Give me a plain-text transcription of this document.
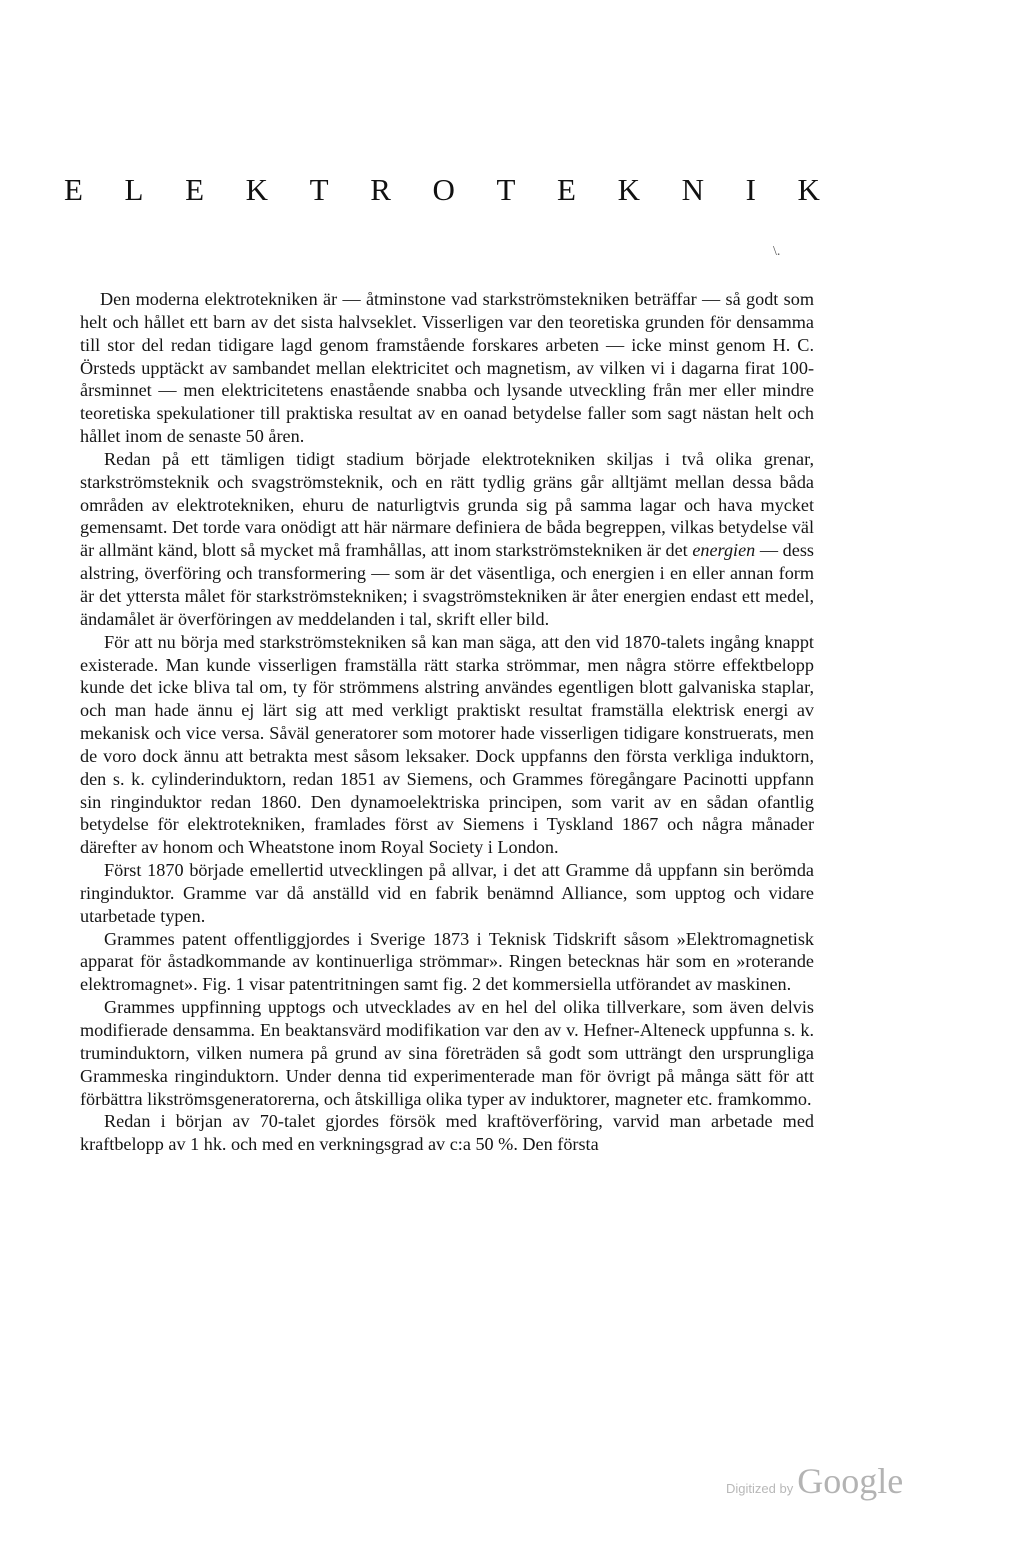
E L E K T R O T E K N I K
\.

Den moderna elektrotekniken är — åtminstone vad starkströmstekniken beträffar — så godt som helt och hållet ett barn av det sista halvseklet. Visserligen var den teoretiska grunden för densamma till stor del redan tidigare lagd genom framstående forskares arbeten — icke minst genom H. C. Örsteds upptäckt av sambandet mellan elektricitet och magnetism, av vilken vi i dagarna firat 100-årsminnet — men elektricitetens enastående snabba och lysande utveckling från mer eller mindre teoretiska spekulationer till praktiska resultat av en oanad betydelse faller som sagt nästan helt och hållet inom de senaste 50 åren.

Redan på ett tämligen tidigt stadium började elektrotekniken skiljas i två olika grenar, starkströmsteknik och svagströmsteknik, och en rätt tydlig gräns går alltjämt mellan dessa båda områden av elektrotekniken, ehuru de naturligtvis grunda sig på samma lagar och hava mycket gemensamt. Det torde vara onödigt att här närmare definiera de båda begreppen, vilkas betydelse väl är allmänt känd, blott så mycket må framhållas, att inom starkströmstekniken är det energien — dess alstring, överföring och transformering — som är det väsentliga, och energien i en eller annan form är det yttersta målet för starkströmstekniken; i svagströmstekniken är åter energien endast ett medel, ändamålet är överföringen av meddelanden i tal, skrift eller bild.

För att nu börja med starkströmstekniken så kan man säga, att den vid 1870-talets ingång knappt existerade. Man kunde visserligen framställa rätt starka strömmar, men några större effektbelopp kunde det icke bliva tal om, ty för strömmens alstring användes egentligen blott galvaniska staplar, och man hade ännu ej lärt sig att med verkligt praktiskt resultat framställa elektrisk energi av mekanisk och vice versa. Såväl generatorer som motorer hade visserligen tidigare konstruerats, men de voro dock ännu att betrakta mest såsom leksaker. Dock uppfanns den första verkliga induktorn, den s. k. cylinderinduktorn, redan 1851 av Siemens, och Grammes föregångare Pacinotti uppfann sin ringinduktor redan 1860. Den dynamoelektriska principen, som varit av en sådan ofantlig betydelse för elektrotekniken, framlades först av Siemens i Tyskland 1867 och några månader därefter av honom och Wheatstone inom Royal Society i London.

Först 1870 började emellertid utvecklingen på allvar, i det att Gramme då uppfann sin berömda ringinduktor. Gramme var då anställd vid en fabrik benämnd Alliance, som upptog och vidare utarbetade typen.

Grammes patent offentliggjordes i Sverige 1873 i Teknisk Tidskrift såsom »Elektromagnetisk apparat för åstadkommande av kontinuerliga strömmar». Ringen betecknas här som en »roterande elektromagnet». Fig. 1 visar patentritningen samt fig. 2 det kommersiella utförandet av maskinen.

Grammes uppfinning upptogs och utvecklades av en hel del olika tillverkare, som även delvis modifierade densamma. En beaktansvärd modifikation var den av v. Hefner-Alteneck uppfunna s. k. truminduktorn, vilken numera på grund av sina företräden så godt som utträngt den ursprungliga Grammeska ringinduktorn. Under denna tid experimenterade man för övrigt på många sätt för att förbättra likströmsgeneratorerna, och åtskilliga olika typer av induktorer, magneter etc. framkommo.

Redan i början av 70-talet gjordes försök med kraftöverföring, varvid man arbetade med kraftbelopp av 1 hk. och med en verkningsgrad av c:a 50 %. Den första

Digitized by Google
